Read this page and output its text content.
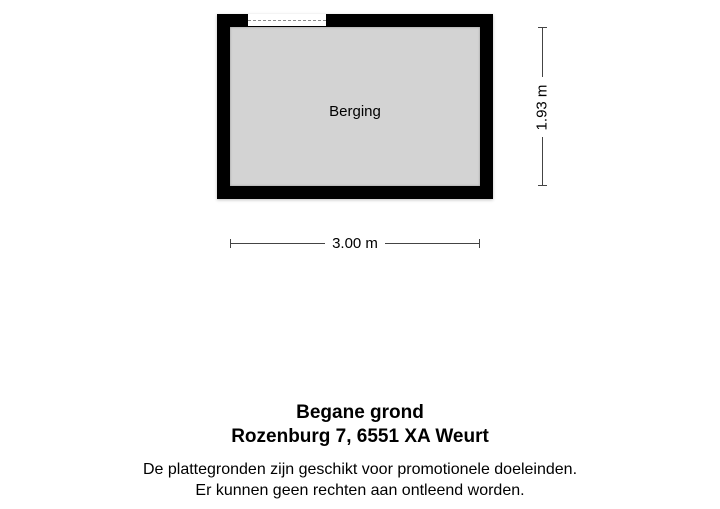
Berging
3.00 m
1.93 m
Begane grond
Rozenburg 7, 6551 XA Weurt
De plattegronden zijn geschikt voor promotionele doeleinden.
Er kunnen geen rechten aan ontleend worden.
